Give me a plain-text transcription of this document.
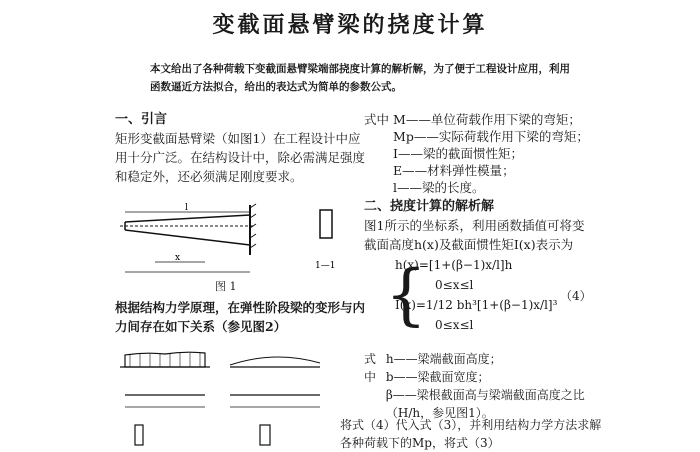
变截面悬臂梁的挠度计算

本文给出了各种荷载下变截面悬臂梁端部挠度计算的解析解，为了便于工程设计应用，利用

函数逼近方法拟合，给出的表达式为简单的参数公式。

一、引言

矩形变截面悬臂梁（如图1）在工程设计中应用十分广泛。在结构设计中，除必需满足强度和稳定外，还必须满足刚度要求。

l
x
1—1
图 1

根据结构力学原理，在弹性阶段梁的变形与内力间存在如下关系（参见图2）

式中 M——单位荷载作用下梁的弯矩；
Mp——实际荷载作用下梁的弯矩；
I——梁的截面惯性矩；
E——材料弹性模量；
l——梁的长度。
二、挠度计算的解析解

图1所示的坐标系，利用函数插值可将变截面高度h(x)及截面惯性矩I(x)表示为

{
h(x)=[1+(β−1)x/l]h
0≤x≤l
I(x)=1/12 bh³[1+(β−1)x/l]³
0≤x≤l
（4）
式中
h——梁端截面高度；
b——梁截面宽度；
β——梁根截面高与梁端截面高度之比（H/h，参见图1）。
将式（4）代入式（3），并利用结构力学方法求解各种荷载下的Mp，将式（3）
